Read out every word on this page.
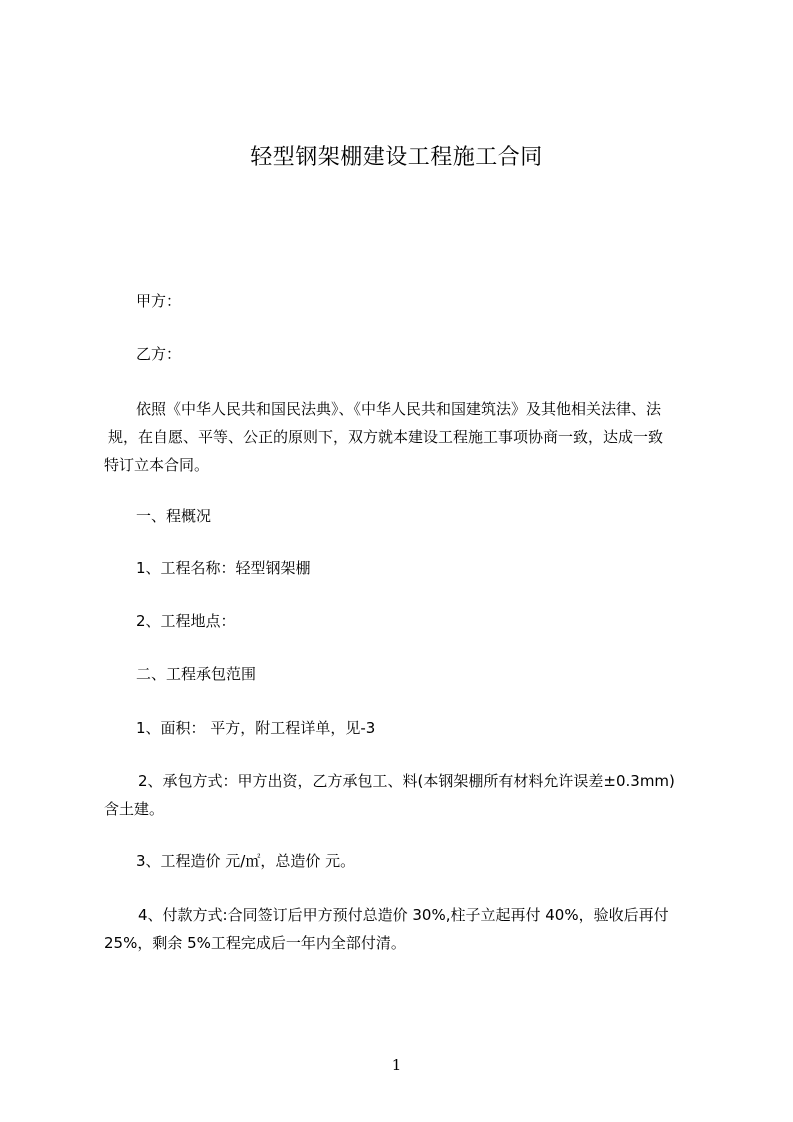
轻型钢架棚建设工程施工合同
甲方：
乙方：
依照《中华人民共和国民法典》、《中华人民共和国建筑法》及其他相关法律、法
规，在自愿、平等、公正的原则下，双方就本建设工程施工事项协商一致，达成一致
特订立本合同。
一、程概况
1、工程名称：轻型钢架棚
2、工程地点：
二、工程承包范围
1、面积： 平方，附工程详单，见-3
2、承包方式：甲方出资，乙方承包工、料(本钢架棚所有材料允许误差±0.3mm)
含土建。
3、工程造价 元/㎡，总造价 元。
4、付款方式:合同签订后甲方预付总造价 30%,柱子立起再付 40%，验收后再付
25%，剩余 5%工程完成后一年内全部付清。
1
